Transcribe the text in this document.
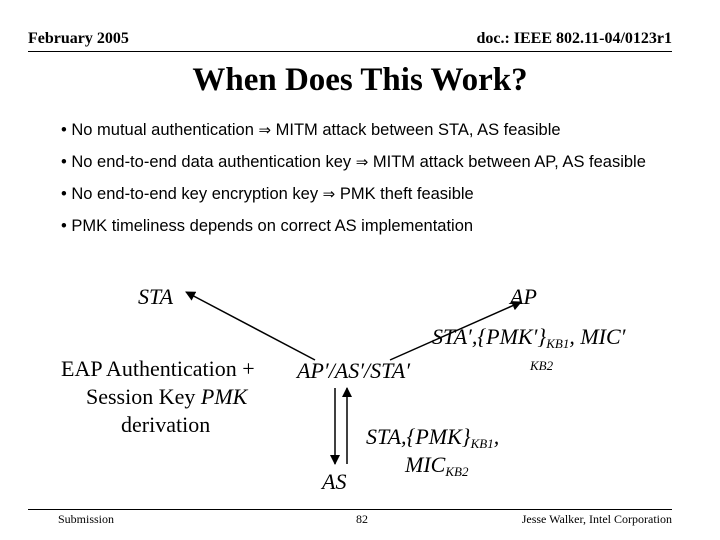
February 2005	doc.: IEEE 802.11-04/0123r1
When Does This Work?
• No mutual authentication ⇒ MITM attack between STA, AS feasible
• No end-to-end data authentication key ⇒ MITM attack between AP, AS feasible
• No end-to-end key encryption key ⇒ PMK theft feasible
• PMK timeliness depends on correct AS implementation
STA	AP
AP′/AS′/STA′
AS
EAP Authentication +
Session Key PMK
derivation
$STA',\{PMK'\}_{KB1}$, MIC′
KB2
$STA,\{PMK\}_{KB1}$,
$MIC_{KB2}$
Submission	82	Jesse Walker, Intel Corporation
